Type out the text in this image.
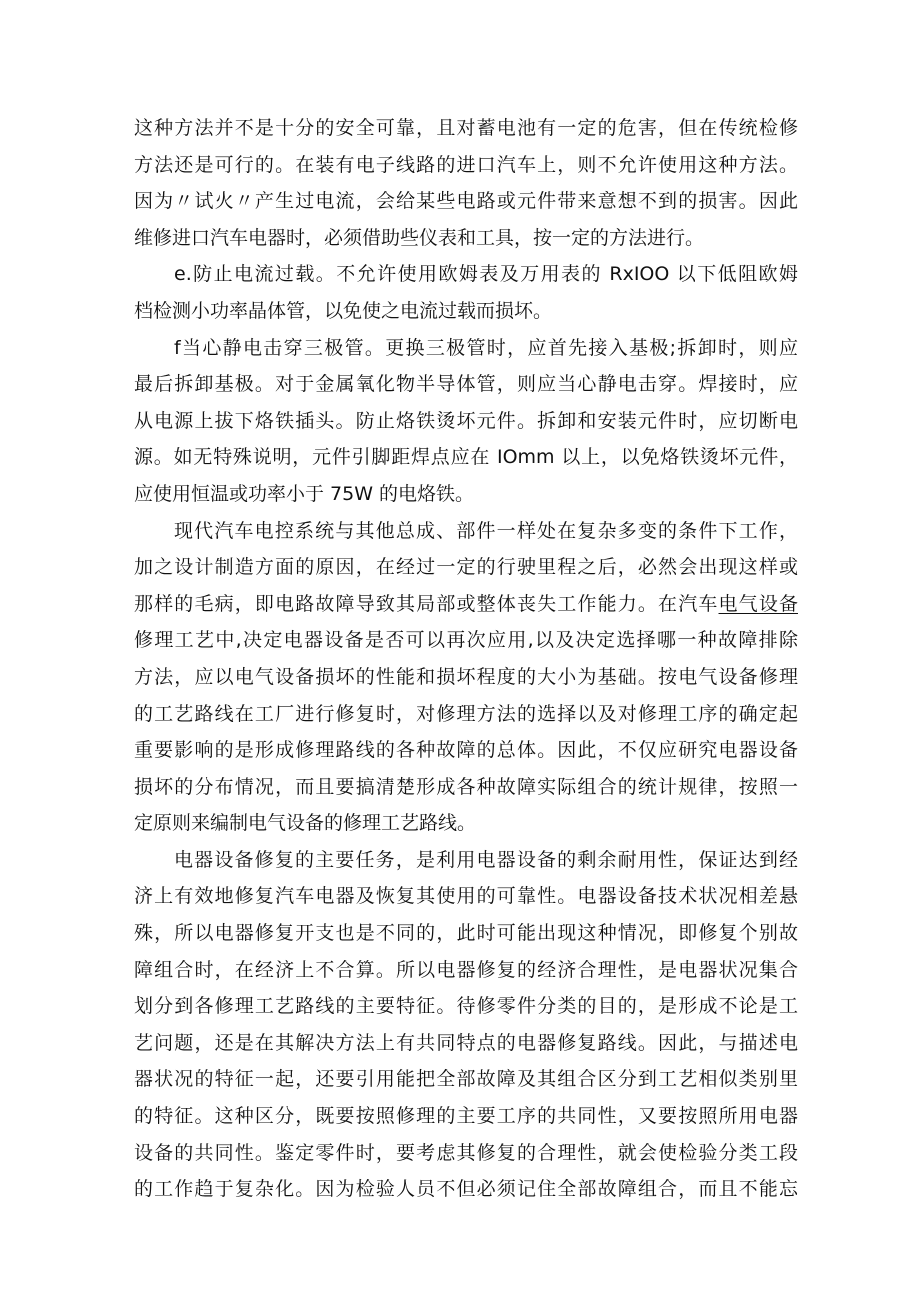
这种方法并不是十分的安全可靠，且对蓄电池有一定的危害，但在传统检修
方法还是可行的。在装有电子线路的进口汽车上，则不允许使用这种方法。
因为〃试火〃产生过电流，会给某些电路或元件带来意想不到的损害。因此
维修进口汽车电器时，必须借助些仪表和工具，按一定的方法进行。
e.防止电流过载。不允许使用欧姆表及万用表的 RxIOO 以下低阻欧姆
档检测小功率晶体管，以免使之电流过载而损坏。
f当心静电击穿三极管。更换三极管时，应首先接入基极;拆卸时，则应
最后拆卸基极。对于金属氧化物半导体管，则应当心静电击穿。焊接时，应
从电源上拔下烙铁插头。防止烙铁烫坏元件。拆卸和安装元件时，应切断电
源。如无特殊说明，元件引脚距焊点应在 IOmm 以上，以免烙铁烫坏元件，
应使用恒温或功率小于 75W 的电烙铁。
现代汽车电控系统与其他总成、部件一样处在复杂多变的条件下工作，
加之设计制造方面的原因，在经过一定的行驶里程之后，必然会出现这样或
那样的毛病，即电路故障导致其局部或整体丧失工作能力。在汽车电气设备
修理工艺中,决定电器设备是否可以再次应用,以及决定选择哪一种故障排除
方法，应以电气设备损坏的性能和损坏程度的大小为基础。按电气设备修理
的工艺路线在工厂进行修复时，对修理方法的选择以及对修理工序的确定起
重要影响的是形成修理路线的各种故障的总体。因此，不仅应研究电器设备
损坏的分布情况，而且要搞清楚形成各种故障实际组合的统计规律，按照一
定原则来编制电气设备的修理工艺路线。
电器设备修复的主要任务，是利用电器设备的剩余耐用性，保证达到经
济上有效地修复汽车电器及恢复其使用的可靠性。电器设备技术状况相差悬
殊，所以电器修复开支也是不同的，此时可能出现这种情况，即修复个别故
障组合时，在经济上不合算。所以电器修复的经济合理性，是电器状况集合
划分到各修理工艺路线的主要特征。待修零件分类的目的，是形成不论是工
艺问题，还是在其解决方法上有共同特点的电器修复路线。因此，与描述电
器状况的特征一起，还要引用能把全部故障及其组合区分到工艺相似类别里
的特征。这种区分，既要按照修理的主要工序的共同性，又要按照所用电器
设备的共同性。鉴定零件时，要考虑其修复的合理性，就会使检验分类工段
的工作趋于复杂化。因为检验人员不但必须记住全部故障组合，而且不能忘
